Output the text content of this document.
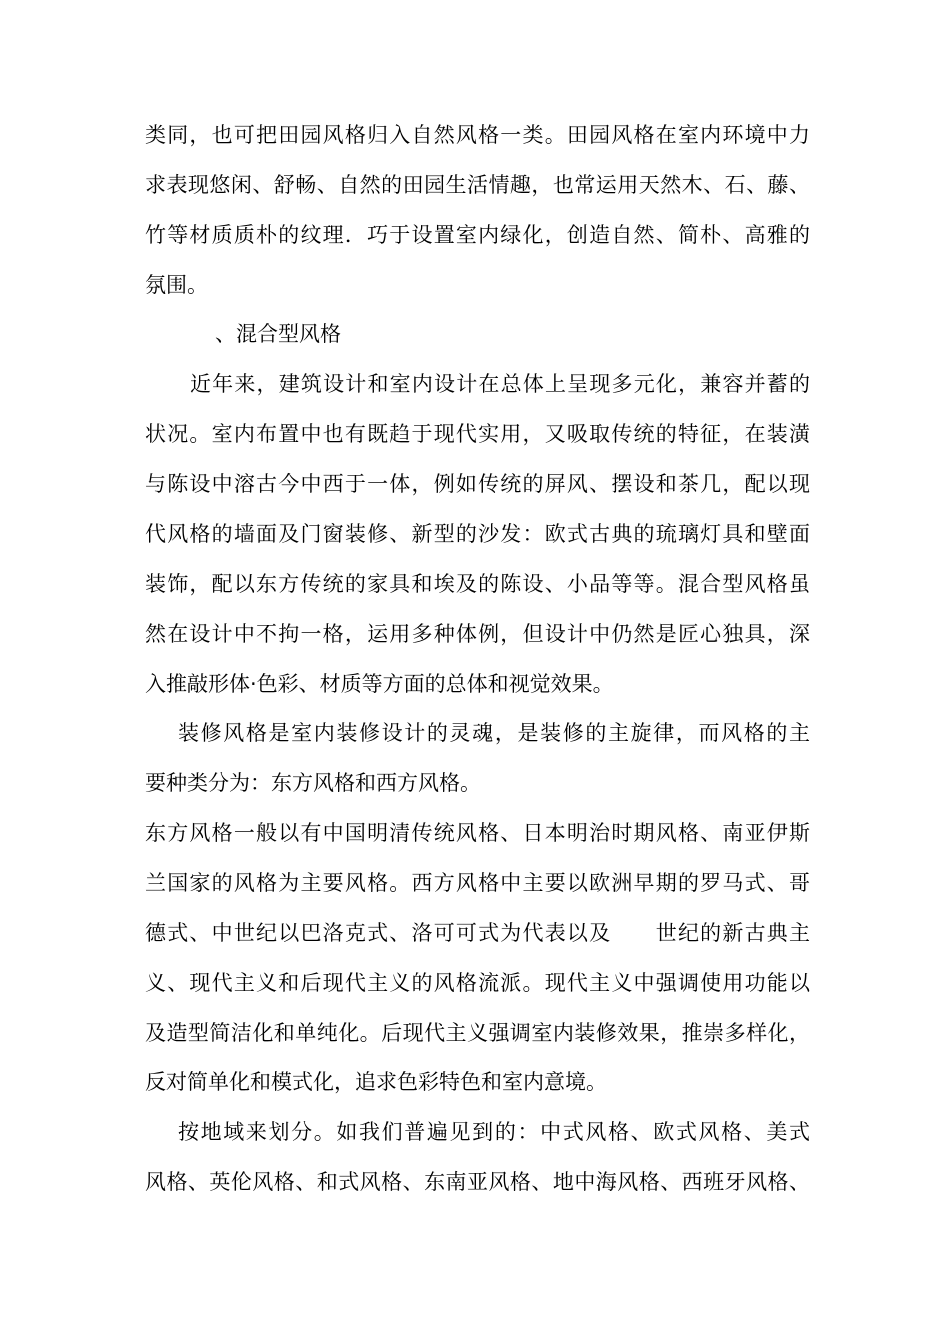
类同，也可把田园风格归入自然风格一类。田园风格在室内环境中力
求表现悠闲、舒畅、自然的田园生活情趣，也常运用天然木、石、藤、
竹等材质质朴的纹理．巧于设置室内绿化，创造自然、简朴、高雅的
氛围。
、混合型风格
近年来，建筑设计和室内设计在总体上呈现多元化，兼容并蓄的
状况。室内布置中也有既趋于现代实用，又吸取传统的特征，在装潢
与陈设中溶古今中西于一体，例如传统的屏风、摆设和茶几，配以现
代风格的墙面及门窗装修、新型的沙发：欧式古典的琉璃灯具和壁面
装饰，配以东方传统的家具和埃及的陈设、小品等等。混合型风格虽
然在设计中不拘一格，运用多种体例，但设计中仍然是匠心独具，深
入推敲形体·色彩、材质等方面的总体和视觉效果。
装修风格是室内装修设计的灵魂，是装修的主旋律，而风格的主
要种类分为：东方风格和西方风格。
东方风格一般以有中国明清传统风格、日本明治时期风格、南亚伊斯
兰国家的风格为主要风格。西方风格中主要以欧洲早期的罗马式、哥
德式、中世纪以巴洛克式、洛可可式为代表以及　　世纪的新古典主
义、现代主义和后现代主义的风格流派。现代主义中强调使用功能以
及造型简洁化和单纯化。后现代主义强调室内装修效果，推崇多样化，
反对简单化和模式化，追求色彩特色和室内意境。
按地域来划分。如我们普遍见到的：中式风格、欧式风格、美式
风格、英伦风格、和式风格、东南亚风格、地中海风格、西班牙风格、
